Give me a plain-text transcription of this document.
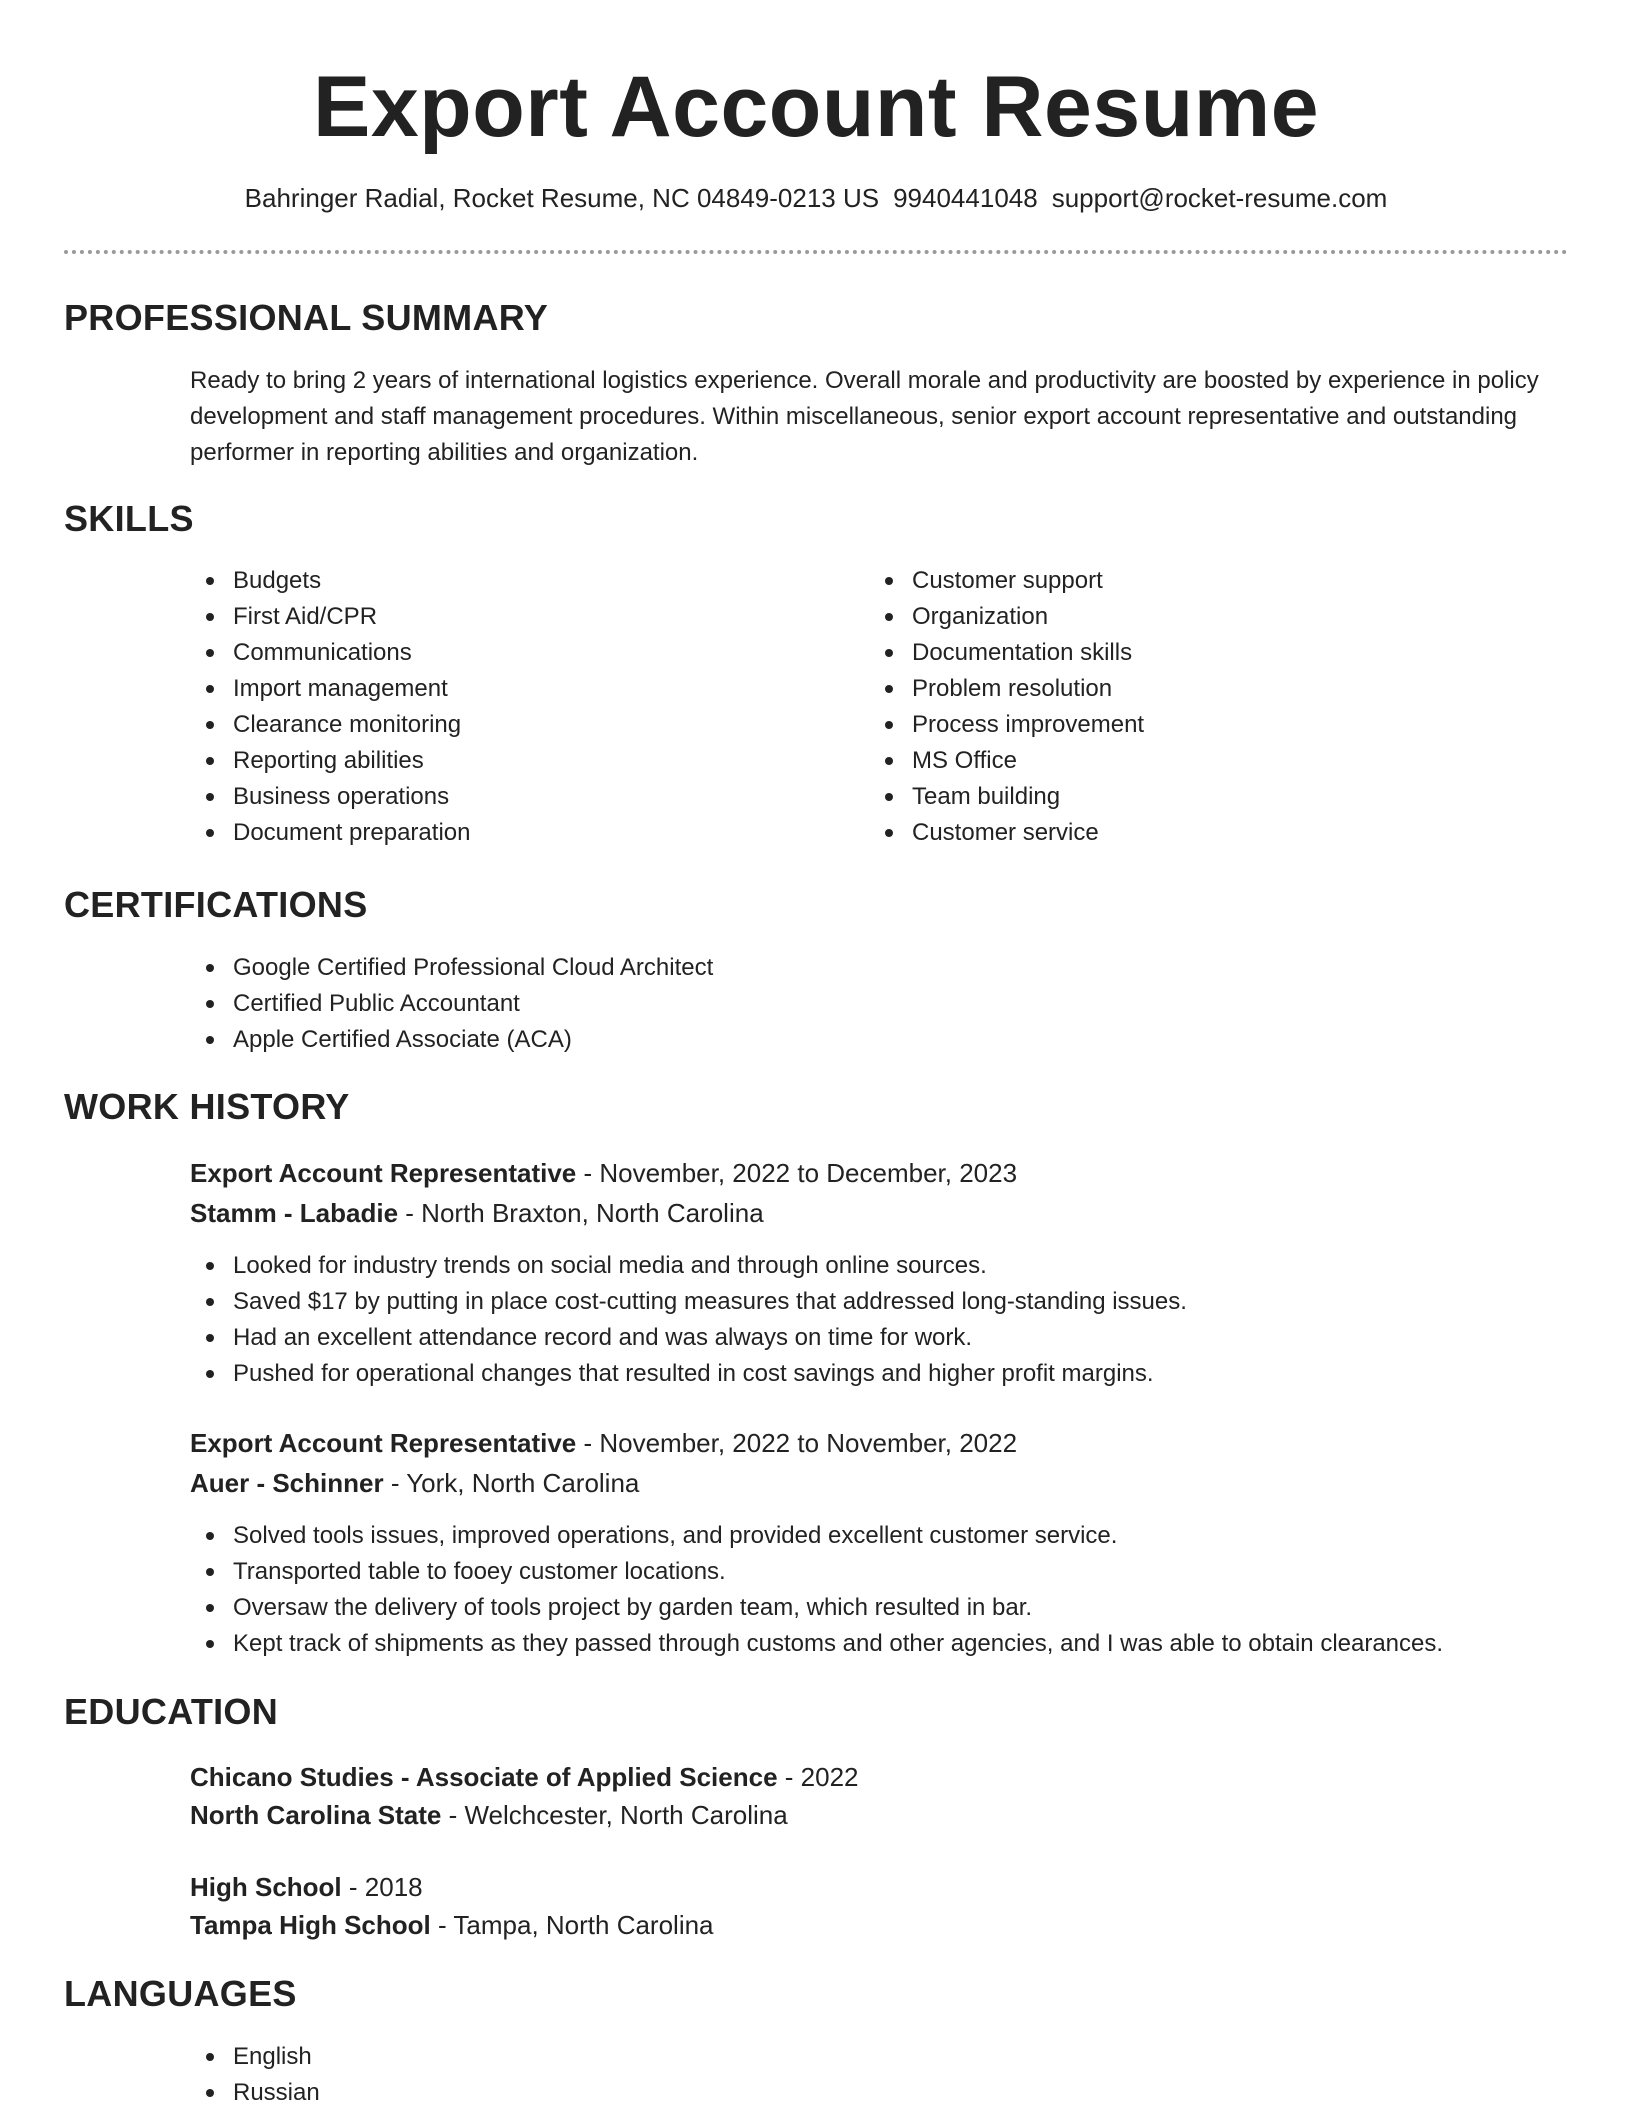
Export Account Resume
Bahringer Radial, Rocket Resume, NC 04849-0213 US 9940441048 support@rocket-resume.com
PROFESSIONAL SUMMARY

Ready to bring 2 years of international logistics experience. Overall morale and productivity are boosted by experience in policy development and staff management procedures. Within miscellaneous, senior export account representative and outstanding performer in reporting abilities and organization.

SKILLS
Budgets
First Aid/CPR
Communications
Import management
Clearance monitoring
Reporting abilities
Business operations
Document preparation
Customer support
Organization
Documentation skills
Problem resolution
Process improvement
MS Office
Team building
Customer service
CERTIFICATIONS
Google Certified Professional Cloud Architect
Certified Public Accountant
Apple Certified Associate (ACA)
WORK HISTORY
Export Account Representative - November, 2022 to December, 2023
Stamm - Labadie - North Braxton, North Carolina
Looked for industry trends on social media and through online sources.
Saved $17 by putting in place cost-cutting measures that addressed long-standing issues.
Had an excellent attendance record and was always on time for work.
Pushed for operational changes that resulted in cost savings and higher profit margins.
Export Account Representative - November, 2022 to November, 2022
Auer - Schinner - York, North Carolina
Solved tools issues, improved operations, and provided excellent customer service.
Transported table to fooey customer locations.
Oversaw the delivery of tools project by garden team, which resulted in bar.
Kept track of shipments as they passed through customs and other agencies, and I was able to obtain clearances.
EDUCATION
Chicano Studies - Associate of Applied Science - 2022
North Carolina State - Welchcester, North Carolina
High School - 2018
Tampa High School - Tampa, North Carolina
LANGUAGES
English
Russian
